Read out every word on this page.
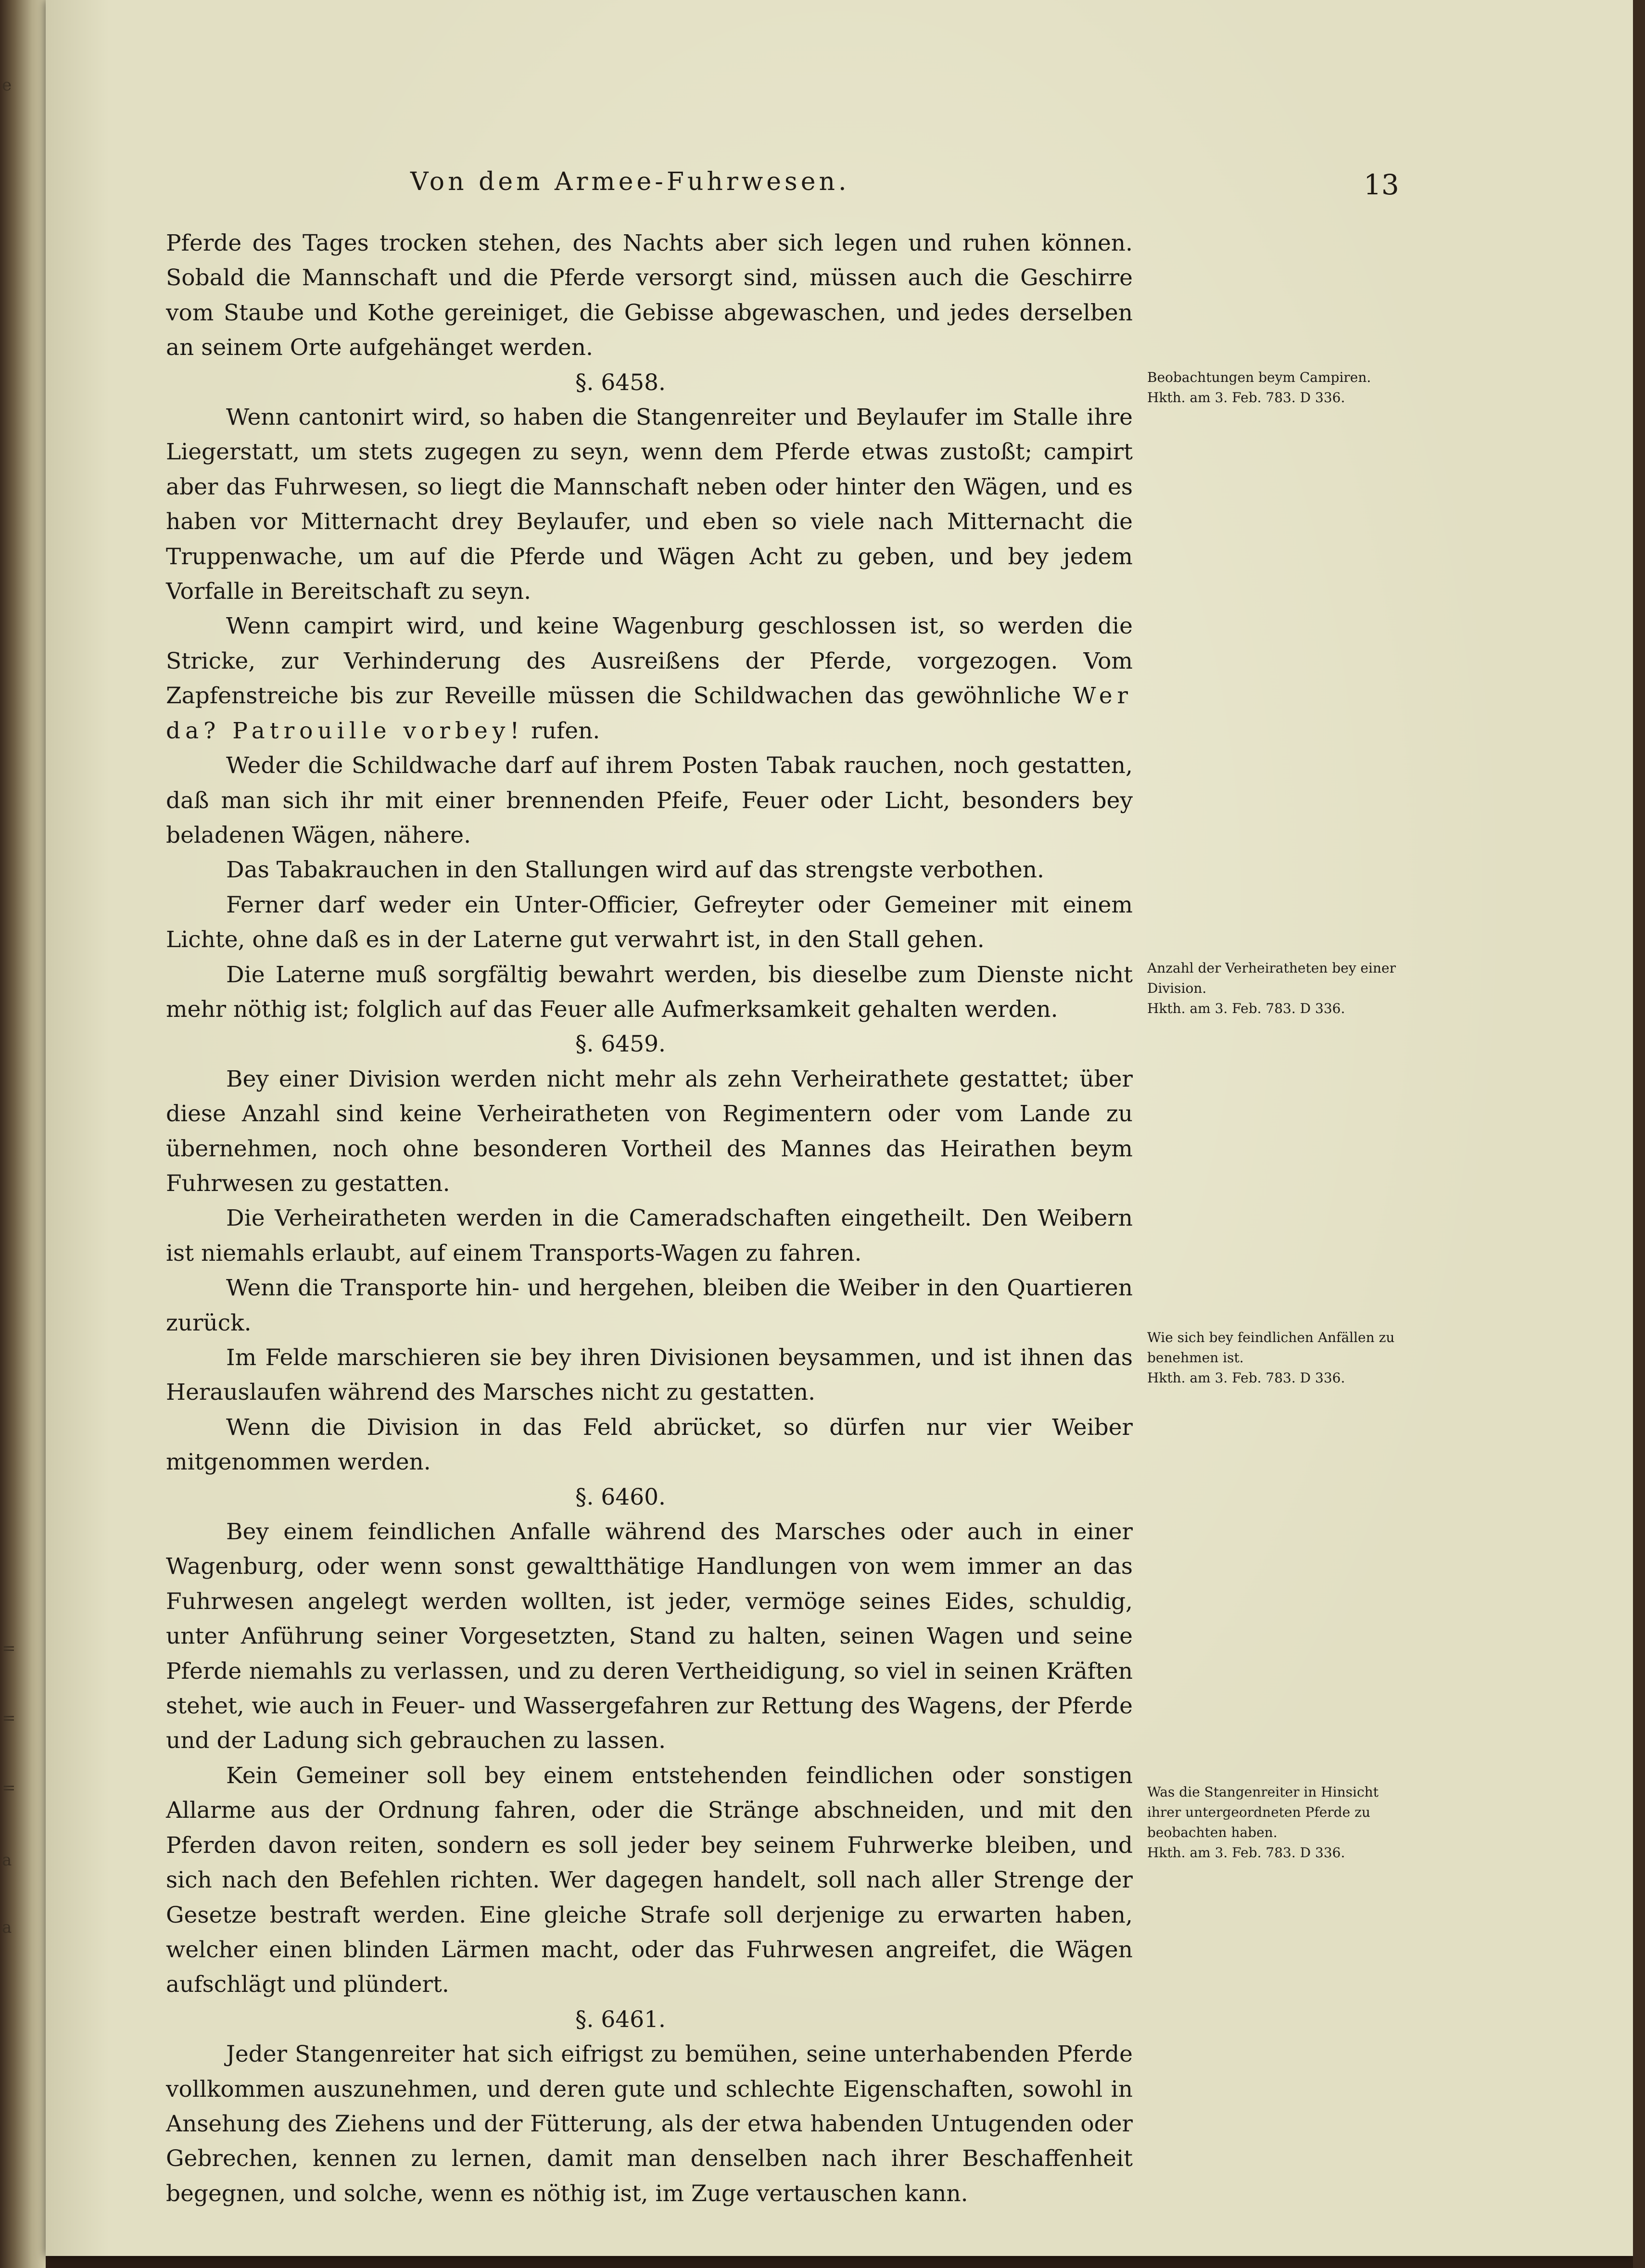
e
=
=
=
a
a
Von dem Armee-Fuhrwesen.	13

Pferde des Tages trocken stehen, des Nachts aber sich legen und ruhen können. Sobald die Mannschaft und die Pferde versorgt sind, müssen auch die Geschirre vom Staube und Kothe gereiniget, die Gebisse abgewaschen, und jedes derselben an seinem Orte aufgehänget werden.

§. 6458.

Wenn cantonirt wird, so haben die Stangenreiter und Beylaufer im Stalle ihre Liegerstatt, um stets zugegen zu seyn, wenn dem Pferde etwas zustoßt; campirt aber das Fuhrwesen, so liegt die Mannschaft neben oder hinter den Wägen, und es haben vor Mitternacht drey Beylaufer, und eben so viele nach Mitternacht die Truppenwache, um auf die Pferde und Wägen Acht zu geben, und bey jedem Vorfalle in Bereitschaft zu seyn.

Wenn campirt wird, und keine Wagenburg geschlossen ist, so werden die Stricke, zur Verhinderung des Ausreißens der Pferde, vorgezogen. Vom Zapfenstreiche bis zur Reveille müssen die Schildwachen das gewöhnliche Wer da? Patrouille vorbey! rufen.

Weder die Schildwache darf auf ihrem Posten Tabak rauchen, noch gestatten, daß man sich ihr mit einer brennenden Pfeife, Feuer oder Licht, besonders bey beladenen Wägen, nähere.

Das Tabakrauchen in den Stallungen wird auf das strengste verbothen.

Ferner darf weder ein Unter-Officier, Gefreyter oder Gemeiner mit einem Lichte, ohne daß es in der Laterne gut verwahrt ist, in den Stall gehen.

Die Laterne muß sorgfältig bewahrt werden, bis dieselbe zum Dienste nicht mehr nöthig ist; folglich auf das Feuer alle Aufmerksamkeit gehalten werden.

§. 6459.

Bey einer Division werden nicht mehr als zehn Verheirathete gestattet; über diese Anzahl sind keine Verheiratheten von Regimentern oder vom Lande zu übernehmen, noch ohne besonderen Vortheil des Mannes das Heirathen beym Fuhrwesen zu gestatten.

Die Verheiratheten werden in die Cameradschaften eingetheilt. Den Weibern ist niemahls erlaubt, auf einem Transports-Wagen zu fahren.

Wenn die Transporte hin- und hergehen, bleiben die Weiber in den Quartieren zurück.

Im Felde marschieren sie bey ihren Divisionen beysammen, und ist ihnen das Herauslaufen während des Marsches nicht zu gestatten.

Wenn die Division in das Feld abrücket, so dürfen nur vier Weiber mitgenommen werden.

§. 6460.

Bey einem feindlichen Anfalle während des Marsches oder auch in einer Wagenburg, oder wenn sonst gewaltthätige Handlungen von wem immer an das Fuhrwesen angelegt werden wollten, ist jeder, vermöge seines Eides, schuldig, unter Anführung seiner Vorgesetzten, Stand zu halten, seinen Wagen und seine Pferde niemahls zu verlassen, und zu deren Vertheidigung, so viel in seinen Kräften stehet, wie auch in Feuer- und Wassergefahren zur Rettung des Wagens, der Pferde und der Ladung sich gebrauchen zu lassen.

Kein Gemeiner soll bey einem entstehenden feindlichen oder sonstigen Allarme aus der Ordnung fahren, oder die Stränge abschneiden, und mit den Pferden davon reiten, sondern es soll jeder bey seinem Fuhrwerke bleiben, und sich nach den Befehlen richten. Wer dagegen handelt, soll nach aller Strenge der Gesetze bestraft werden. Eine gleiche Strafe soll derjenige zu erwarten haben, welcher einen blinden Lärmen macht, oder das Fuhrwesen angreifet, die Wägen aufschlägt und plündert.

§. 6461.

Jeder Stangenreiter hat sich eifrigst zu bemühen, seine unterhabenden Pferde vollkommen auszunehmen, und deren gute und schlechte Eigenschaften, sowohl in Ansehung des Ziehens und der Fütterung, als der etwa habenden Untugenden oder Gebrechen, kennen zu lernen, damit man denselben nach ihrer Beschaffenheit begegnen, und solche, wenn es nöthig ist, im Zuge vertauschen kann.

Beobachtungen beym Campiren.

Hkth. am 3. Feb. 783. D 336.

Anzahl der Verheiratheten bey einer Division.

Hkth. am 3. Feb. 783. D 336.

Wie sich bey feindlichen Anfällen zu benehmen ist.

Hkth. am 3. Feb. 783. D 336.

Was die Stangenreiter in Hinsicht ihrer untergeordneten Pferde zu beobachten haben.

Hkth. am 3. Feb. 783. D 336.
